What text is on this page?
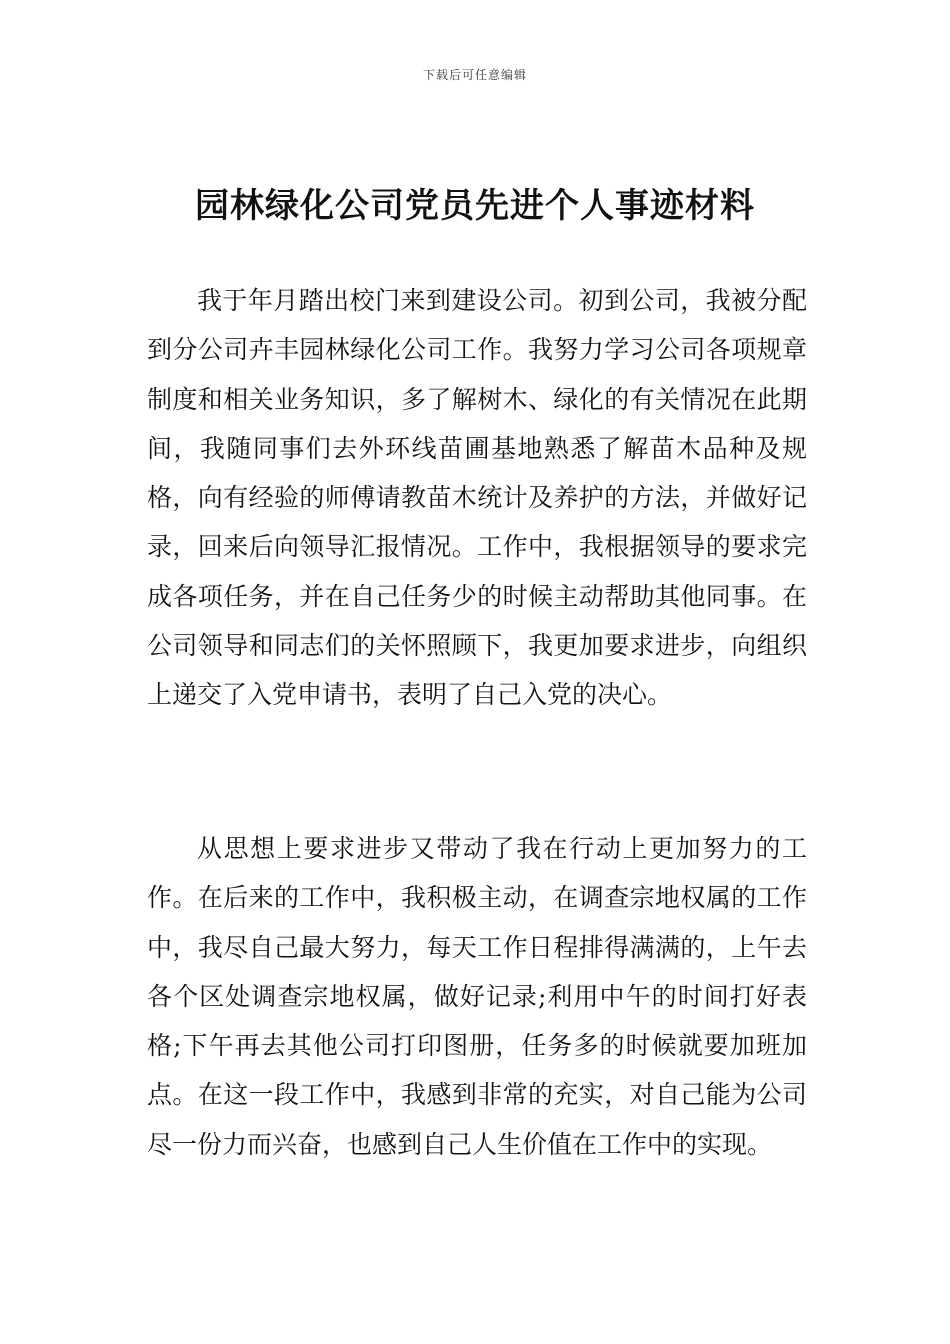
下载后可任意编辑
园林绿化公司党员先进个人事迹材料

我于年月踏出校门来到建设公司。初到公司，我被分配到分公司卉丰园林绿化公司工作。我努力学习公司各项规章制度和相关业务知识，多了解树木、绿化的有关情况在此期间，我随同事们去外环线苗圃基地熟悉了解苗木品种及规格，向有经验的师傅请教苗木统计及养护的方法，并做好记录，回来后向领导汇报情况。工作中，我根据领导的要求完成各项任务，并在自己任务少的时候主动帮助其他同事。在公司领导和同志们的关怀照顾下，我更加要求进步，向组织上递交了入党申请书，表明了自己入党的决心。

从思想上要求进步又带动了我在行动上更加努力的工作。在后来的工作中，我积极主动，在调查宗地权属的工作中，我尽自己最大努力，每天工作日程排得满满的，上午去各个区处调查宗地权属，做好记录;利用中午的时间打好表格;下午再去其他公司打印图册，任务多的时候就要加班加点。在这一段工作中，我感到非常的充实，对自己能为公司尽一份力而兴奋，也感到自己人生价值在工作中的实现。
